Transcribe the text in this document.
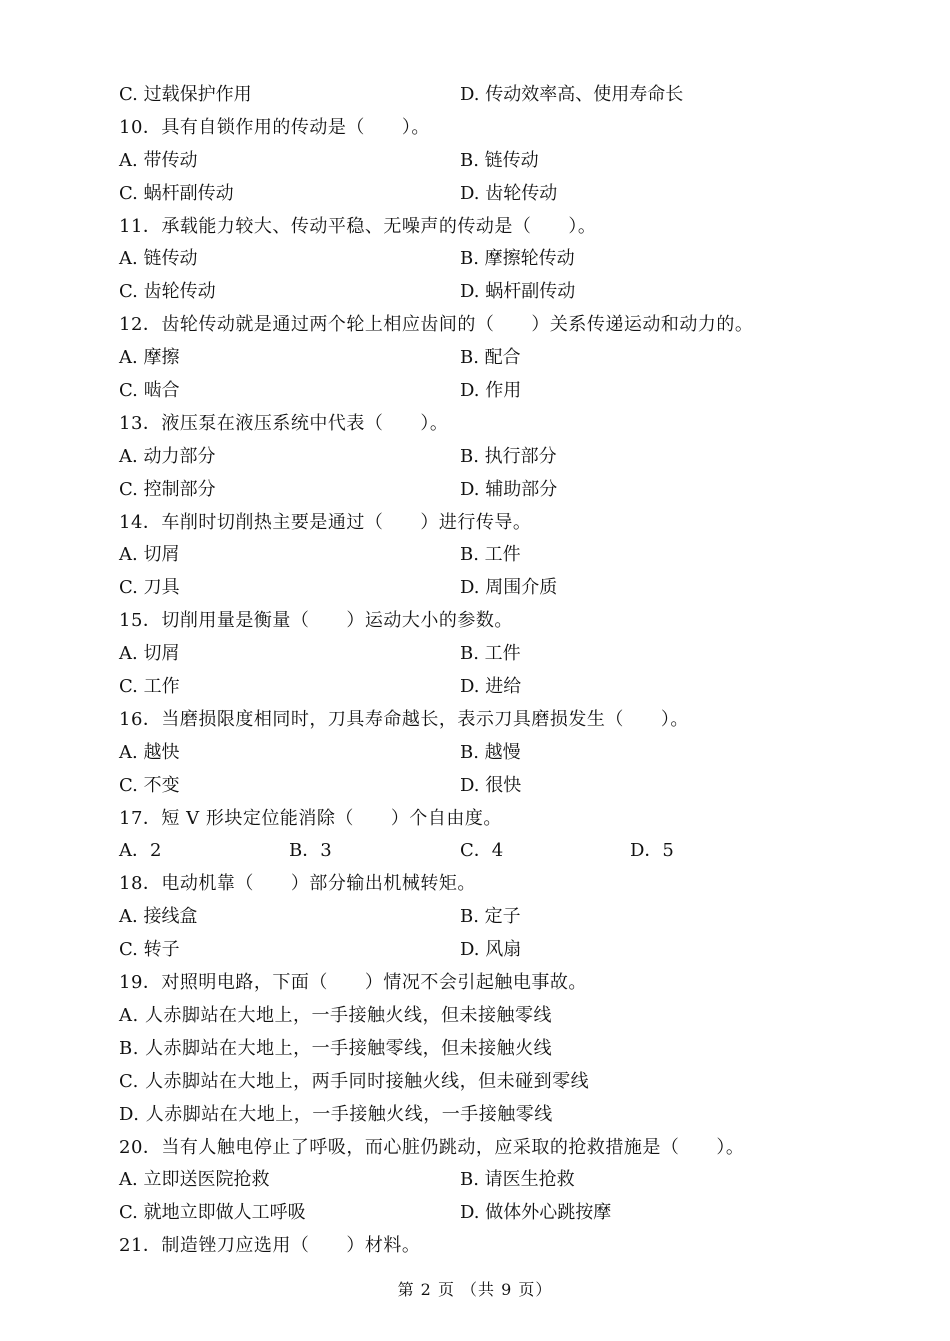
C. 过载保护作用	D. 传动效率高、使用寿命长
10．具有自锁作用的传动是（　　）。
A. 带传动	B. 链传动
C. 蜗杆副传动	D. 齿轮传动
11．承载能力较大、传动平稳、无噪声的传动是（　　）。
A. 链传动	B. 摩擦轮传动
C. 齿轮传动	D. 蜗杆副传动
12．齿轮传动就是通过两个轮上相应齿间的（　　）关系传递运动和动力的。
A. 摩擦	B. 配合
C. 啮合	D. 作用
13．液压泵在液压系统中代表（　　）。
A. 动力部分	B. 执行部分
C. 控制部分	D. 辅助部分
14．车削时切削热主要是通过（　　）进行传导。
A. 切屑	B. 工件
C. 刀具	D. 周围介质
15．切削用量是衡量（　　）运动大小的参数。
A. 切屑	B. 工件
C. 工作	D. 进给
16．当磨损限度相同时，刀具寿命越长，表示刀具磨损发生（　　）。
A. 越快	B. 越慢
C. 不变	D. 很快
17．短 V 形块定位能消除（　　）个自由度。
A．2	B．3	C．4	D．5
18．电动机靠（　　）部分输出机械转矩。
A. 接线盒	B. 定子
C. 转子	D. 风扇
19．对照明电路，下面（　　）情况不会引起触电事故。
A. 人赤脚站在大地上，一手接触火线，但未接触零线
B. 人赤脚站在大地上，一手接触零线，但未接触火线
C. 人赤脚站在大地上，两手同时接触火线，但未碰到零线
D. 人赤脚站在大地上，一手接触火线，一手接触零线
20．当有人触电停止了呼吸，而心脏仍跳动，应采取的抢救措施是（　　）。
A. 立即送医院抢救	B. 请医生抢救
C. 就地立即做人工呼吸	D. 做体外心跳按摩
21．制造锉刀应选用（　　）材料。
第 2 页 （共 9 页）
